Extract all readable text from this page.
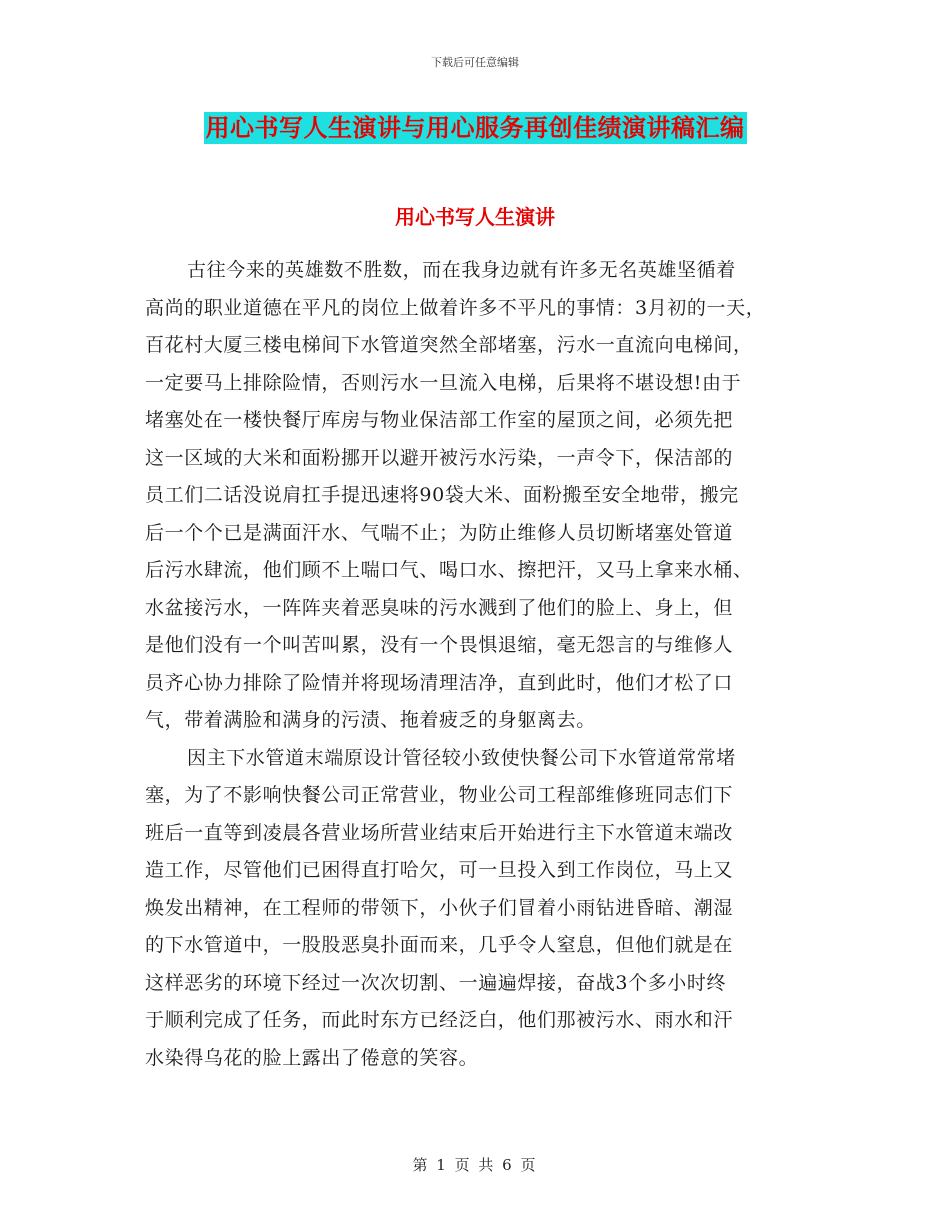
下载后可任意编辑
用心书写人生演讲与用心服务再创佳绩演讲稿汇编
用心书写人生演讲
古往今来的英雄数不胜数，而在我身边就有许多无名英雄坚循着
高尚的职业道德在平凡的岗位上做着许多不平凡的事情：3月初的一天，
百花村大厦三楼电梯间下水管道突然全部堵塞，污水一直流向电梯间，
一定要马上排除险情，否则污水一旦流入电梯，后果将不堪设想!由于
堵塞处在一楼快餐厅库房与物业保洁部工作室的屋顶之间，必须先把
这一区域的大米和面粉挪开以避开被污水污染，一声令下，保洁部的
员工们二话没说肩扛手提迅速将90袋大米、面粉搬至安全地带，搬完
后一个个已是满面汗水、气喘不止；为防止维修人员切断堵塞处管道
后污水肆流，他们顾不上喘口气、喝口水、擦把汗，又马上拿来水桶、
水盆接污水，一阵阵夹着恶臭味的污水溅到了他们的脸上、身上，但
是他们没有一个叫苦叫累，没有一个畏惧退缩，毫无怨言的与维修人
员齐心协力排除了险情并将现场清理洁净，直到此时，他们才松了口
气，带着满脸和满身的污渍、拖着疲乏的身躯离去。
因主下水管道末端原设计管径较小致使快餐公司下水管道常常堵
塞，为了不影响快餐公司正常营业，物业公司工程部维修班同志们下
班后一直等到凌晨各营业场所营业结束后开始进行主下水管道末端改
造工作，尽管他们已困得直打哈欠，可一旦投入到工作岗位，马上又
焕发出精神，在工程师的带领下，小伙子们冒着小雨钻进昏暗、潮湿
的下水管道中，一股股恶臭扑面而来，几乎令人窒息，但他们就是在
这样恶劣的环境下经过一次次切割、一遍遍焊接，奋战3个多小时终
于顺利完成了任务，而此时东方已经泛白，他们那被污水、雨水和汗
水染得乌花的脸上露出了倦意的笑容。
第 1 页 共 6 页
